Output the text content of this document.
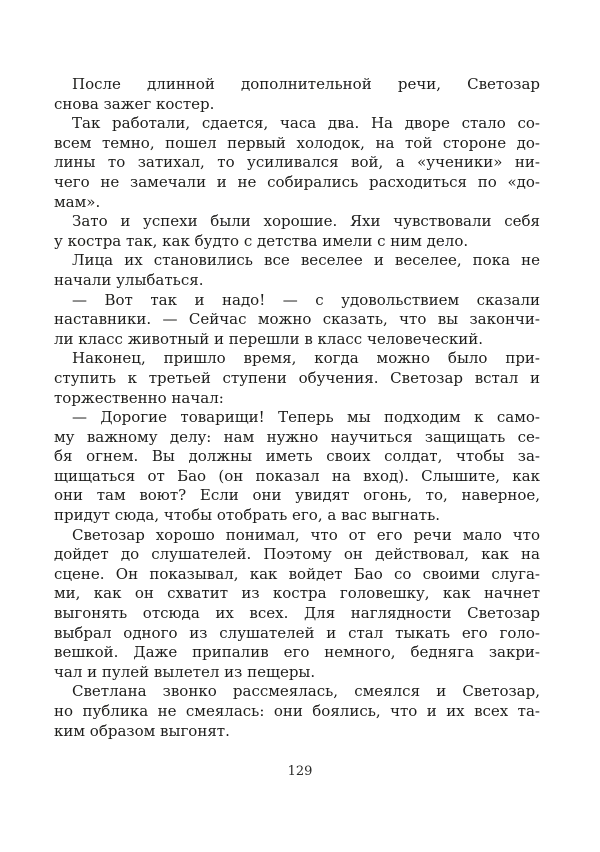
После длинной дополнительной речи, Светозар
снова зажег костер.
Так работали, сдается, часа два. На дворе стало со-
всем темно, пошел первый холодок, на той стороне до-
лины то затихал, то усиливался вой, а «ученики» ни-
чего не замечали и не собирались расходиться по «до-
мам».
Зато и успехи были хорошие. Яхи чувствовали себя
у костра так, как будто с детства имели с ним дело.
Лица их становились все веселее и веселее, пока не
начали улыбаться.
— Вот так и надо! — с удовольствием сказали
наставники. — Сейчас можно сказать, что вы закончи-
ли класс животный и перешли в класс человеческий.
Наконец, пришло время, когда можно было при-
ступить к третьей ступени обучения. Светозар встал и
торжественно начал:
— Дорогие товарищи! Теперь мы подходим к само-
му важному делу: нам нужно научиться защищать се-
бя огнем. Вы должны иметь своих солдат, чтобы за-
щищаться от Бао (он показал на вход). Слышите, как
они там воют? Если они увидят огонь, то, наверное,
придут сюда, чтобы отобрать его, а вас выгнать.
Светозар хорошо понимал, что от его речи мало что
дойдет до слушателей. Поэтому он действовал, как на
сцене. Он показывал, как войдет Бао со своими слуга-
ми, как он схватит из костра головешку, как начнет
выгонять отсюда их всех. Для наглядности Светозар
выбрал одного из слушателей и стал тыкать его голо-
вешкой. Даже припалив его немного, бедняга закри-
чал и пулей вылетел из пещеры.
Светлана звонко рассмеялась, смеялся и Светозар,
но публика не смеялась: они боялись, что и их всех та-
ким образом выгонят.
129
